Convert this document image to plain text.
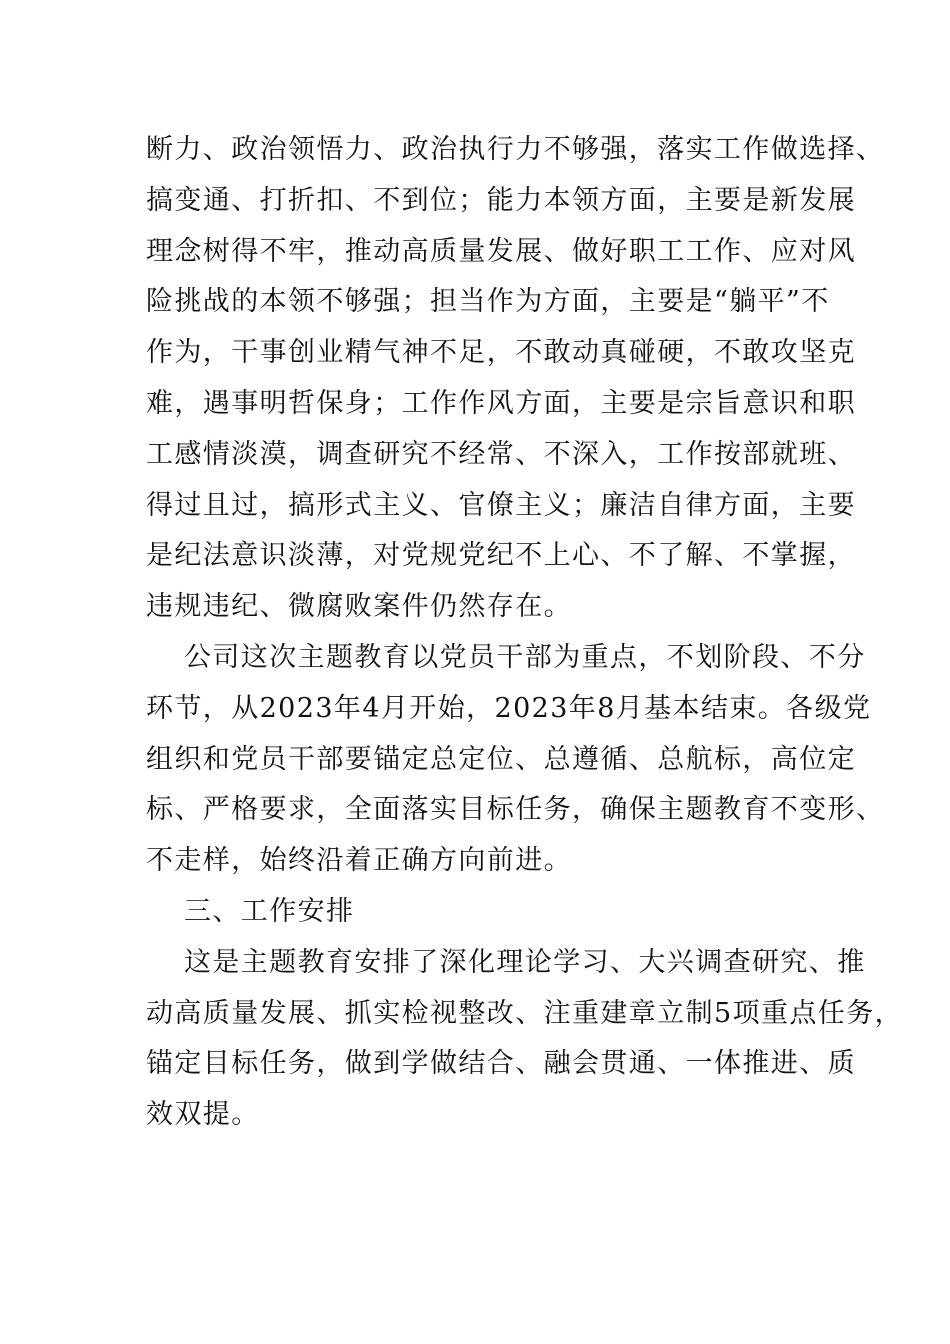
断力、政治领悟力、政治执行力不够强，落实工作做选择、
搞变通、打折扣、不到位；能力本领方面，主要是新发展
理念树得不牢，推动高质量发展、做好职工工作、应对风
险挑战的本领不够强；担当作为方面，主要是“躺平”不
作为，干事创业精气神不足，不敢动真碰硬，不敢攻坚克
难，遇事明哲保身；工作作风方面，主要是宗旨意识和职
工感情淡漠，调查研究不经常、不深入，工作按部就班、
得过且过，搞形式主义、官僚主义；廉洁自律方面，主要
是纪法意识淡薄，对党规党纪不上心、不了解、不掌握，
违规违纪、微腐败案件仍然存在。
公司这次主题教育以党员干部为重点，不划阶段、不分
环节，从2023年4月开始，2023年8月基本结束。各级党
组织和党员干部要锚定总定位、总遵循、总航标，高位定
标、严格要求，全面落实目标任务，确保主题教育不变形、
不走样，始终沿着正确方向前进。
三、工作安排
这是主题教育安排了深化理论学习、大兴调查研究、推
动高质量发展、抓实检视整改、注重建章立制5项重点任务，
锚定目标任务，做到学做结合、融会贯通、一体推进、质
效双提。
